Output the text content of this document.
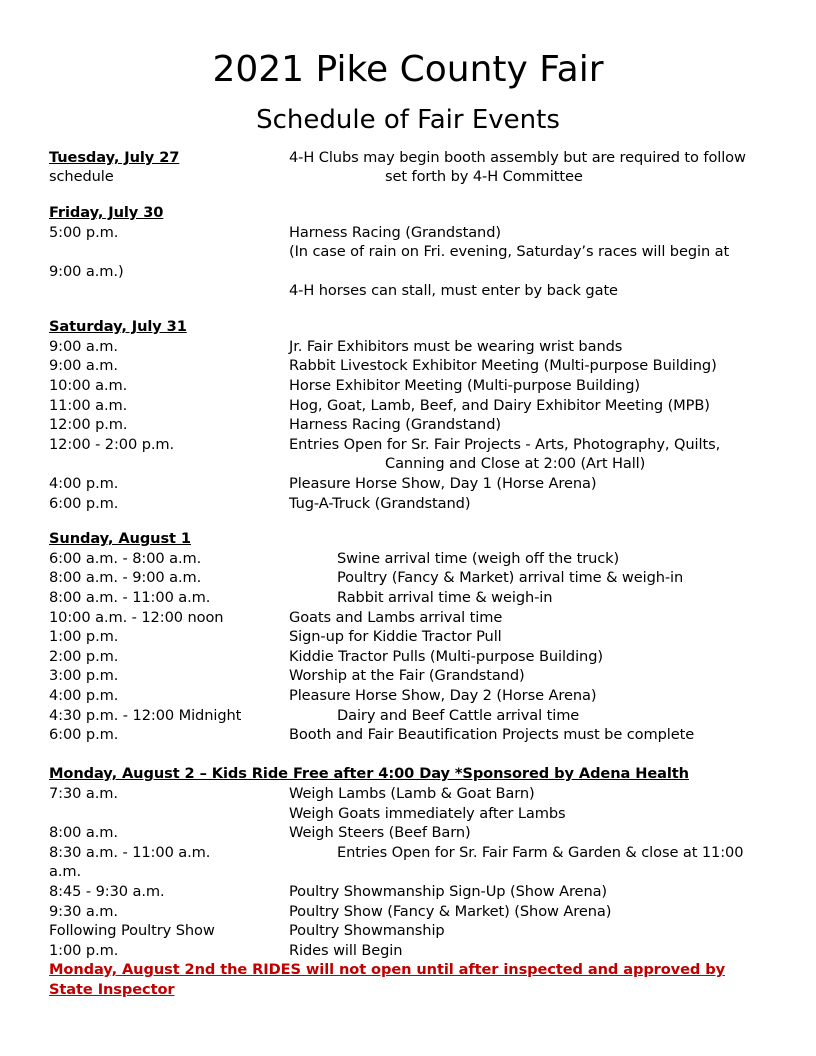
2021 Pike County Fair
Schedule of Fair Events
Tuesday, July 27	4-H Clubs may begin booth assembly but are required to follow
schedule	set forth by 4-H Committee
Friday, July 30
5:00 p.m.	Harness Racing (Grandstand)
(In case of rain on Fri. evening, Saturday’s races will begin at
9:00 a.m.)
4-H horses can stall, must enter by back gate
Saturday, July 31
9:00 a.m.	Jr. Fair Exhibitors must be wearing wrist bands
9:00 a.m.	Rabbit Livestock Exhibitor Meeting (Multi-purpose Building)
10:00 a.m.	Horse Exhibitor Meeting (Multi-purpose Building)
11:00 a.m.	Hog, Goat, Lamb, Beef, and Dairy Exhibitor Meeting (MPB)
12:00 p.m.	Harness Racing (Grandstand)
12:00 - 2:00 p.m.	Entries Open for Sr. Fair Projects - Arts, Photography, Quilts,
Canning and Close at 2:00 (Art Hall)
4:00 p.m.	Pleasure Horse Show, Day 1 (Horse Arena)
6:00 p.m.	Tug-A-Truck (Grandstand)
Sunday, August 1
6:00 a.m. - 8:00 a.m.	Swine arrival time (weigh off the truck)
8:00 a.m. - 9:00 a.m.	Poultry (Fancy & Market) arrival time & weigh-in
8:00 a.m. - 11:00 a.m.	Rabbit arrival time & weigh-in
10:00 a.m. - 12:00 noon	Goats and Lambs arrival time
1:00 p.m.	Sign-up for Kiddie Tractor Pull
2:00 p.m.	Kiddie Tractor Pulls (Multi-purpose Building)
3:00 p.m.	Worship at the Fair (Grandstand)
4:00 p.m.	Pleasure Horse Show, Day 2 (Horse Arena)
4:30 p.m. - 12:00 Midnight	Dairy and Beef Cattle arrival time
6:00 p.m.	Booth and Fair Beautification Projects must be complete
Monday, August 2 – Kids Ride Free after 4:00 Day *Sponsored by Adena Health
7:30 a.m.	Weigh Lambs (Lamb & Goat Barn)
Weigh Goats immediately after Lambs
8:00 a.m.	Weigh Steers (Beef Barn)
8:30 a.m. - 11:00 a.m.	Entries Open for Sr. Fair Farm & Garden & close at 11:00
a.m.
8:45 - 9:30 a.m.	Poultry Showmanship Sign-Up (Show Arena)
9:30 a.m.	Poultry Show (Fancy & Market) (Show Arena)
Following Poultry Show	Poultry Showmanship
1:00 p.m.	Rides will Begin
Monday, August 2nd the RIDES will not open until after inspected and approved by
State Inspector
